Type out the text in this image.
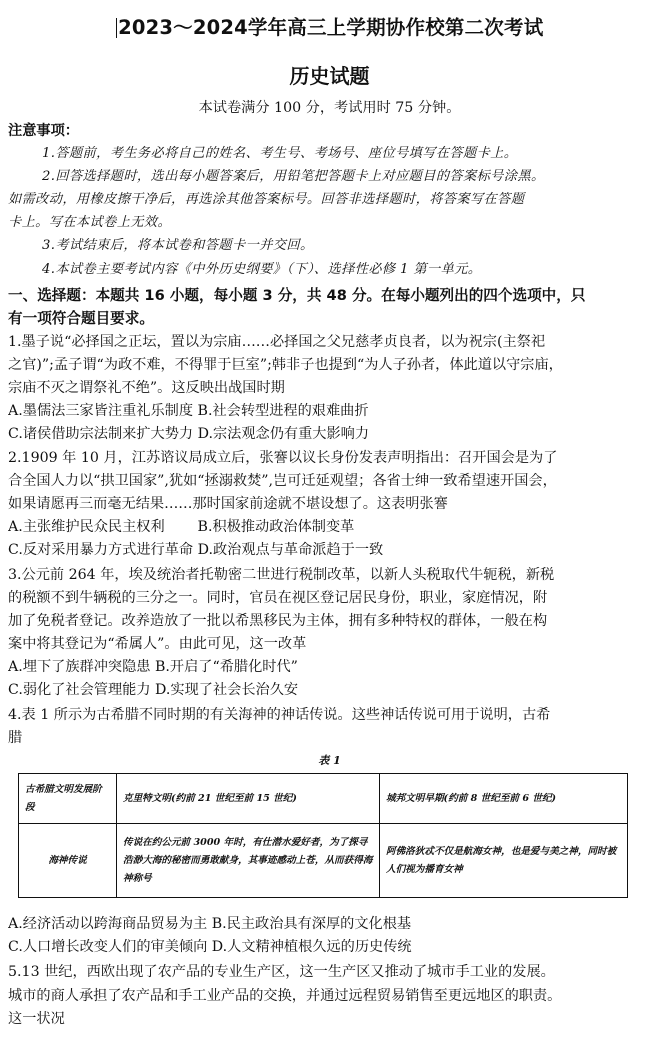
2023～2024学年高三上学期协作校第二次考试
历史试题
本试卷满分 100 分，考试用时 75 分钟。
注意事项：
1.答题前，考生务必将自己的姓名、考生号、考场号、座位号填写在答题卡上。
2.回答选择题时，选出每小题答案后，用铅笔把答题卡上对应题目的答案标号涂黑。
如需改动，用橡皮擦干净后，再选涂其他答案标号。回答非选择题时，将答案写在答题
卡上。写在本试卷上无效。
3.考试结束后，将本试卷和答题卡一并交回。
4.本试卷主要考试内容《中外历史纲要》（下）、选择性必修 1 第一单元。
一、选择题：本题共 16 小题，每小题 3 分，共 48 分。在每小题列出的四个选项中，只
有一项符合题目要求。
1.墨子说“必择国之正坛，置以为宗庙……必择国之父兄慈孝贞良者，以为祝宗(主祭祀
之官)”;孟子谓“为政不难，不得罪于巨室”;韩非子也提到“为人子孙者，体此道以守宗庙，
宗庙不灭之谓祭礼不绝”。这反映出战国时期
A.墨儒法三家皆注重礼乐制度 B.社会转型进程的艰难曲折
C.诸侯借助宗法制来扩大势力 D.宗法观念仍有重大影响力
2.1909 年 10 月，江苏谘议局成立后，张謇以议长身份发表声明指出：召开国会是为了
合全国人力以“拱卫国家”,犹如“拯溺救焚”,岂可迁延观望；各省士绅一致希望速开国会，
如果请愿再三而毫无结果……那时国家前途就不堪设想了。这表明张謇
A.主张维护民众民主权利　　 B.积极推动政治体制变革
C.反对采用暴力方式进行革命 D.政治观点与革命派趋于一致
3.公元前 264 年，埃及统治者托勒密二世进行税制改革，以新人头税取代牛轭税，新税
的税额不到牛辆税的三分之一。同时，官员在视区登记居民身份，职业，家庭情况，附
加了免税者登记。改养造放了一批以希黑移民为主体，拥有多种特权的群体，一般在构
案中将其登记为“希属人”。由此可见，这一改革
A.埋下了族群冲突隐患 B.开启了“希腊化时代”
C.弱化了社会管理能力 D.实现了社会长治久安
4.表 1 所示为古希腊不同时期的有关海神的神话传说。这些神话传说可用于说明，古希
腊
表 1
古希腊文明发展阶段	克里特文明(约前 21 世纪至前 15 世纪)	城邦文明早期(约前 8 世纪至前 6 世纪)
海神传说	传说在约公元前 3000 年时，有仕潜水爱好者，为了探寻浩渺大海的秘密而勇敢献身，其事迹感动上苍，从而获得海神称号	阿佛洛狄忒不仅是航海女神，也是爱与美之神，同时被人们视为播育女神
A.经济活动以跨海商品贸易为主 B.民主政治具有深厚的文化根基
C.人口增长改变人们的审美倾向 D.人文精神植根久远的历史传统
5.13 世纪，西欧出现了农产品的专业生产区，这一生产区又推动了城市手工业的发展。
城市的商人承担了农产品和手工业产品的交换，并通过远程贸易销售至更远地区的职责。
这一状况
